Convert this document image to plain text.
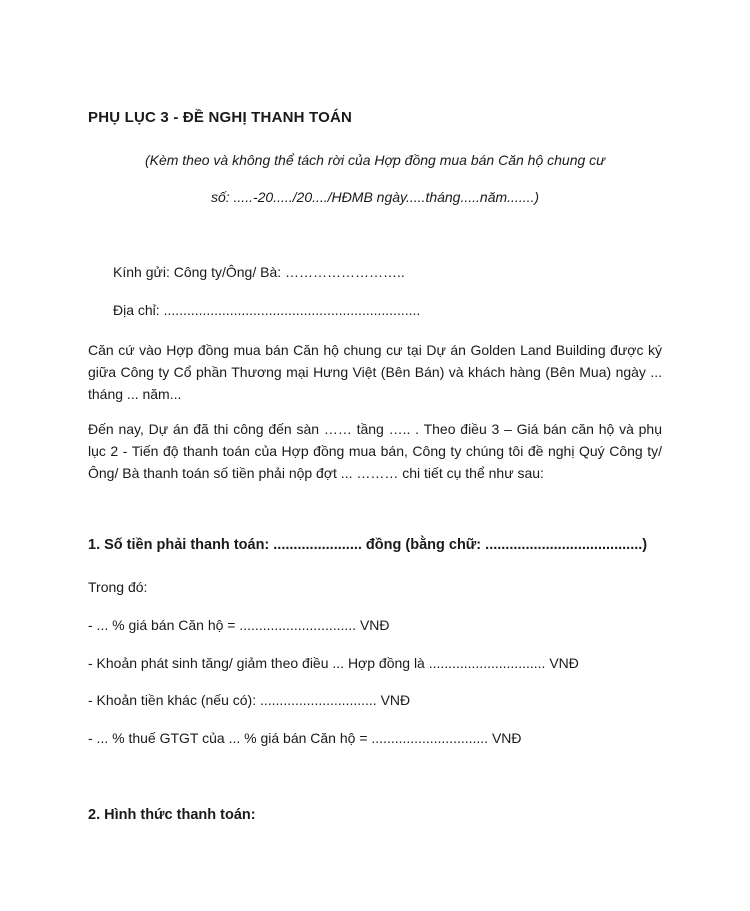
PHỤ LỤC 3 - ĐỀ NGHỊ THANH TOÁN

(Kèm theo và không thể tách rời của Hợp đồng mua bán Căn hộ chung cư

số: .....-20...../20..../HĐMB ngày.....tháng.....năm.......)

Kính gửi: Công ty/Ông/ Bà: ……………………..

Địa chỉ: ..................................................................

Căn cứ vào Hợp đồng mua bán Căn hộ chung cư tại Dự án Golden Land Building được ký giữa Công ty Cổ phần Thương mại Hưng Việt (Bên Bán) và khách hàng (Bên Mua) ngày ... tháng ... năm...

Đến nay, Dự án đã thi công đến sàn …… tầng ….. . Theo điều 3 – Giá bán căn hộ và phụ lục 2 - Tiến độ thanh toán của Hợp đồng mua bán, Công ty chúng tôi đề nghị Quý Công ty/ Ông/ Bà thanh toán số tiền phải nộp đợt ... ……… chi tiết cụ thể như sau:

1. Số tiền phải thanh toán: ...................... đồng (bằng chữ: .......................................)

Trong đó:

- ... % giá bán Căn hộ = .............................. VNĐ

- Khoản phát sinh tăng/ giảm theo điều ... Hợp đồng là .............................. VNĐ

- Khoản tiền khác (nếu có): .............................. VNĐ

- ... % thuế GTGT của ... % giá bán Căn hộ = .............................. VNĐ

2. Hình thức thanh toán:
